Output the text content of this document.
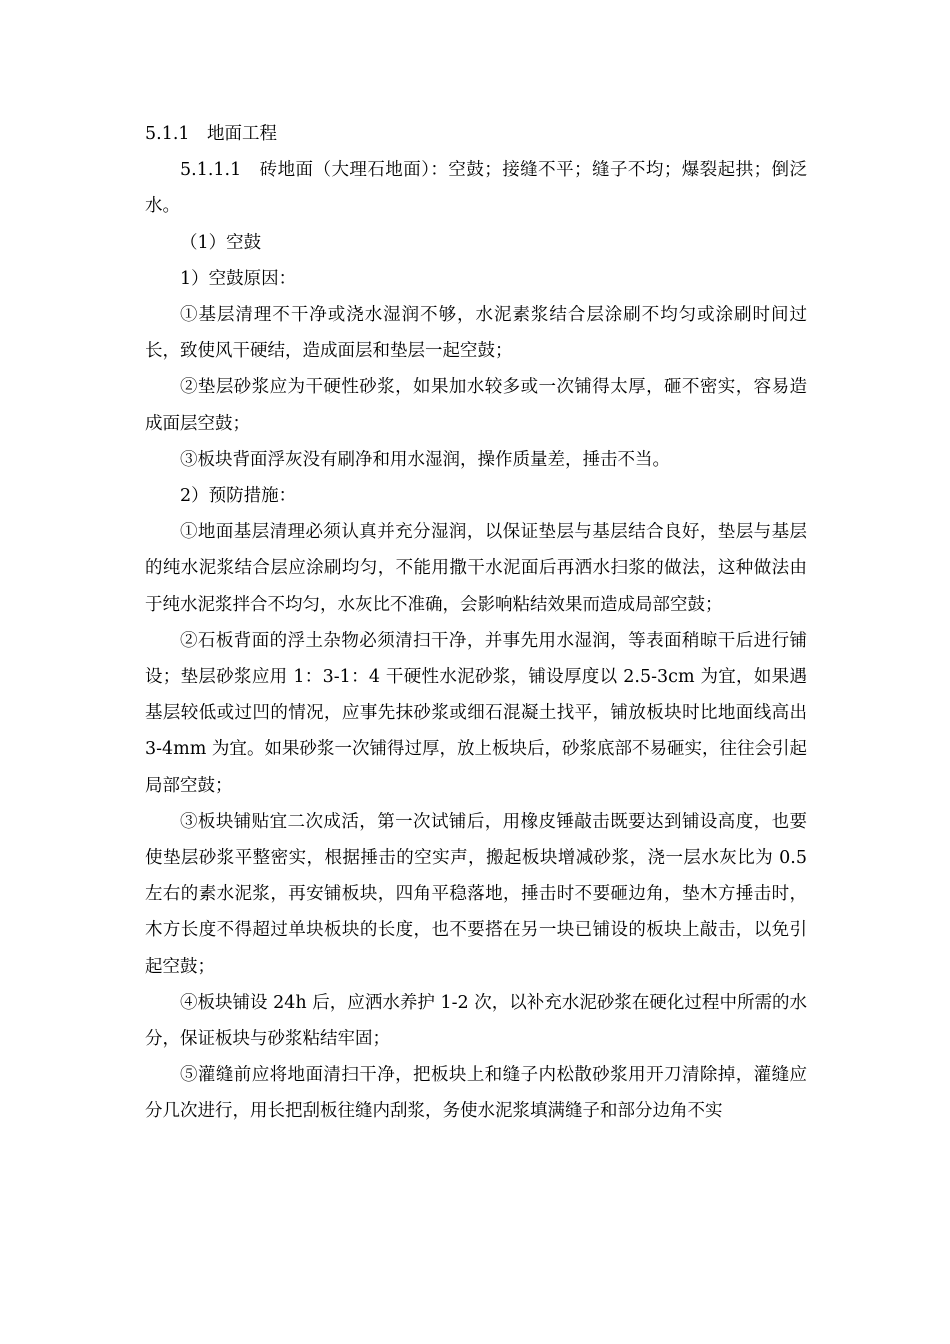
5.1.1　地面工程

5.1.1.1　砖地面（大理石地面）：空鼓；接缝不平；缝子不均；爆裂起拱；倒泛水。

（1）空鼓

1）空鼓原因：

①基层清理不干净或浇水湿润不够，水泥素浆结合层涂刷不均匀或涂刷时间过长，致使风干硬结，造成面层和垫层一起空鼓；

②垫层砂浆应为干硬性砂浆，如果加水较多或一次铺得太厚，砸不密实，容易造成面层空鼓；

③板块背面浮灰没有刷净和用水湿润，操作质量差，捶击不当。

2）预防措施：

①地面基层清理必须认真并充分湿润，以保证垫层与基层结合良好，垫层与基层的纯水泥浆结合层应涂刷均匀，不能用撒干水泥面后再洒水扫浆的做法，这种做法由于纯水泥浆拌合不均匀，水灰比不准确，会影响粘结效果而造成局部空鼓；

②石板背面的浮土杂物必须清扫干净，并事先用水湿润，等表面稍晾干后进行铺设；垫层砂浆应用 1：3-1：4 干硬性水泥砂浆，铺设厚度以 2.5-3cm 为宜，如果遇基层较低或过凹的情况，应事先抹砂浆或细石混凝土找平，铺放板块时比地面线高出 3-4mm 为宜。如果砂浆一次铺得过厚，放上板块后，砂浆底部不易砸实，往往会引起局部空鼓；

③板块铺贴宜二次成活，第一次试铺后，用橡皮锤敲击既要达到铺设高度，也要使垫层砂浆平整密实，根据捶击的空实声，搬起板块增减砂浆，浇一层水灰比为 0.5 左右的素水泥浆，再安铺板块，四角平稳落地，捶击时不要砸边角，垫木方捶击时，木方长度不得超过单块板块的长度，也不要搭在另一块已铺设的板块上敲击，以免引起空鼓；

④板块铺设 24h 后，应洒水养护 1-2 次，以补充水泥砂浆在硬化过程中所需的水分，保证板块与砂浆粘结牢固；

⑤灌缝前应将地面清扫干净，把板块上和缝子内松散砂浆用开刀清除掉，灌缝应分几次进行，用长把刮板往缝内刮浆，务使水泥浆填满缝子和部分边角不实
